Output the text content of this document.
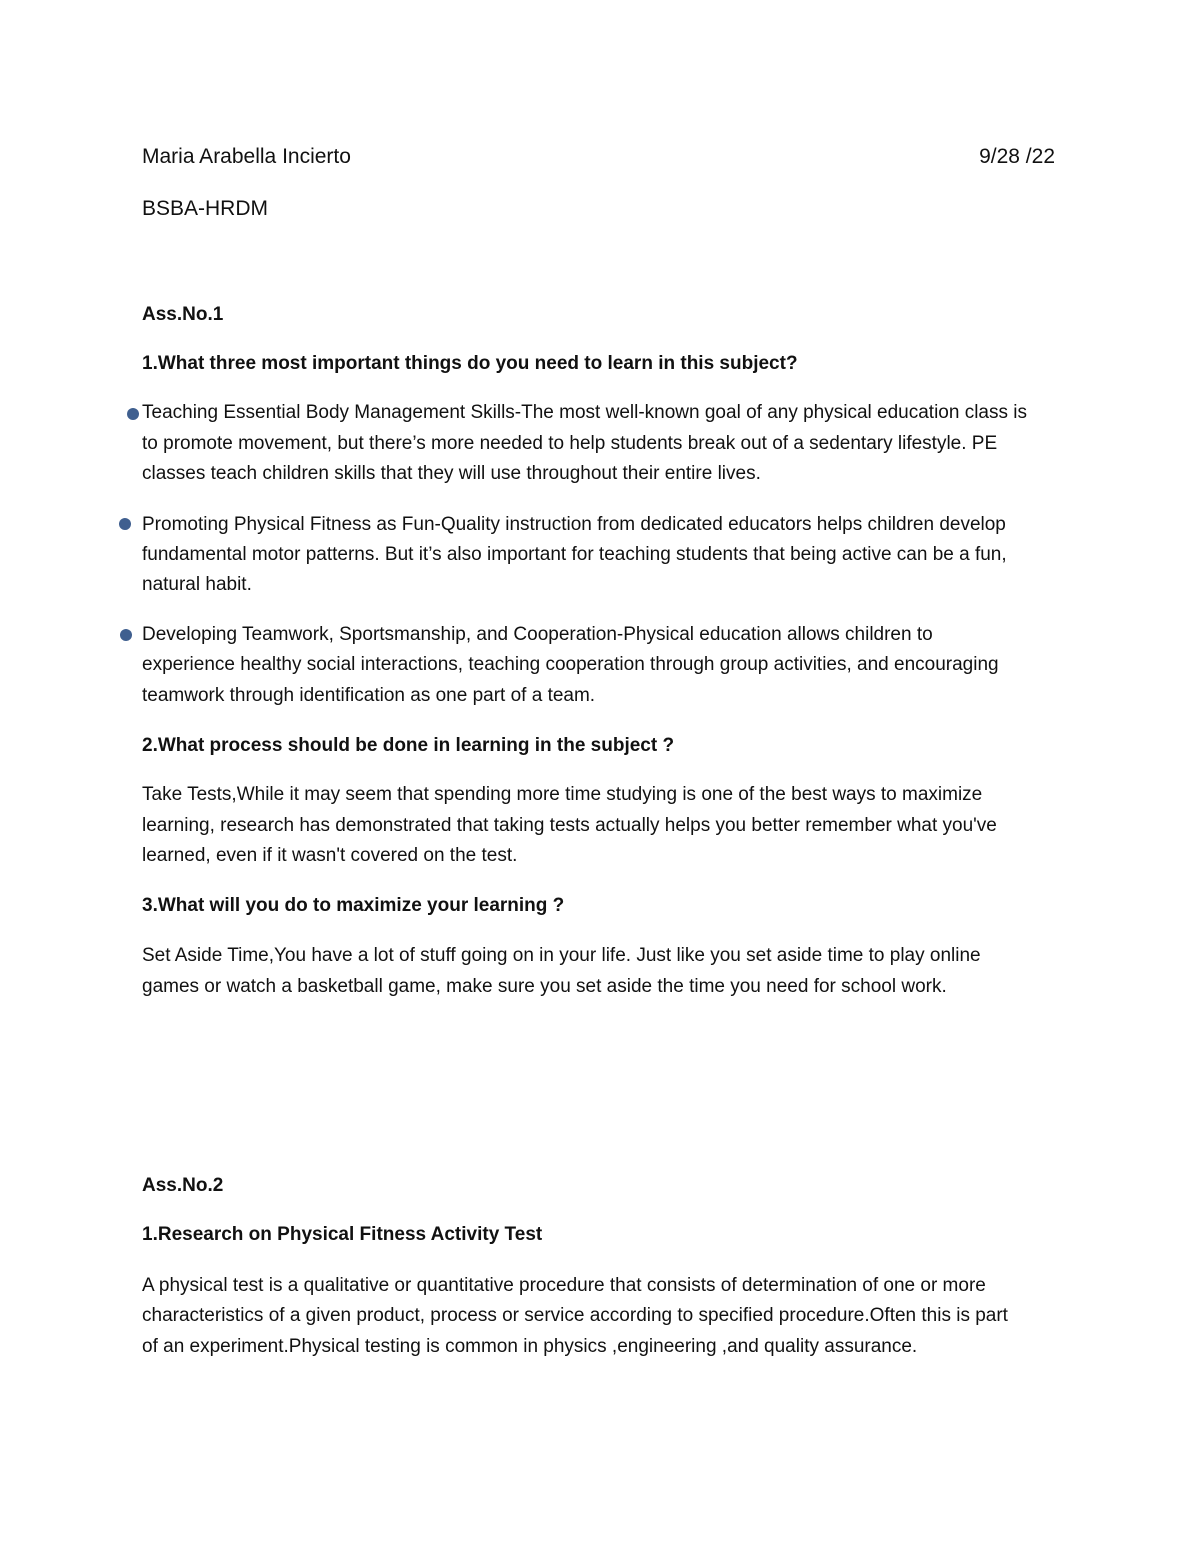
Maria Arabella Incierto	9/28 /22
BSBA-HRDM
Ass.No.1
1.What three most important things do you need to learn in this subject?
Teaching Essential Body Management Skills-The most well-known goal of any physical education class is
to promote movement, but there’s more needed to help students break out of a sedentary lifestyle. PE
classes teach children skills that they will use throughout their entire lives.
Promoting Physical Fitness as Fun-Quality instruction from dedicated educators helps children develop
fundamental motor patterns. But it’s also important for teaching students that being active can be a fun,
natural habit.
Developing Teamwork, Sportsmanship, and Cooperation-Physical education allows children to
experience healthy social interactions, teaching cooperation through group activities, and encouraging
teamwork through identification as one part of a team.
2.What process should be done in learning in the subject ?
Take Tests,While it may seem that spending more time studying is one of the best ways to maximize
learning, research has demonstrated that taking tests actually helps you better remember what you've
learned, even if it wasn't covered on the test.
3.What will you do to maximize your learning ?
Set Aside Time,You have a lot of stuff going on in your life. Just like you set aside time to play online
games or watch a basketball game, make sure you set aside the time you need for school work.
Ass.No.2
1.Research on Physical Fitness Activity Test
A physical test is a qualitative or quantitative procedure that consists of determination of one or more
characteristics of a given product, process or service according to specified procedure.Often this is part
of an experiment.Physical testing is common in physics ,engineering ,and quality assurance.
